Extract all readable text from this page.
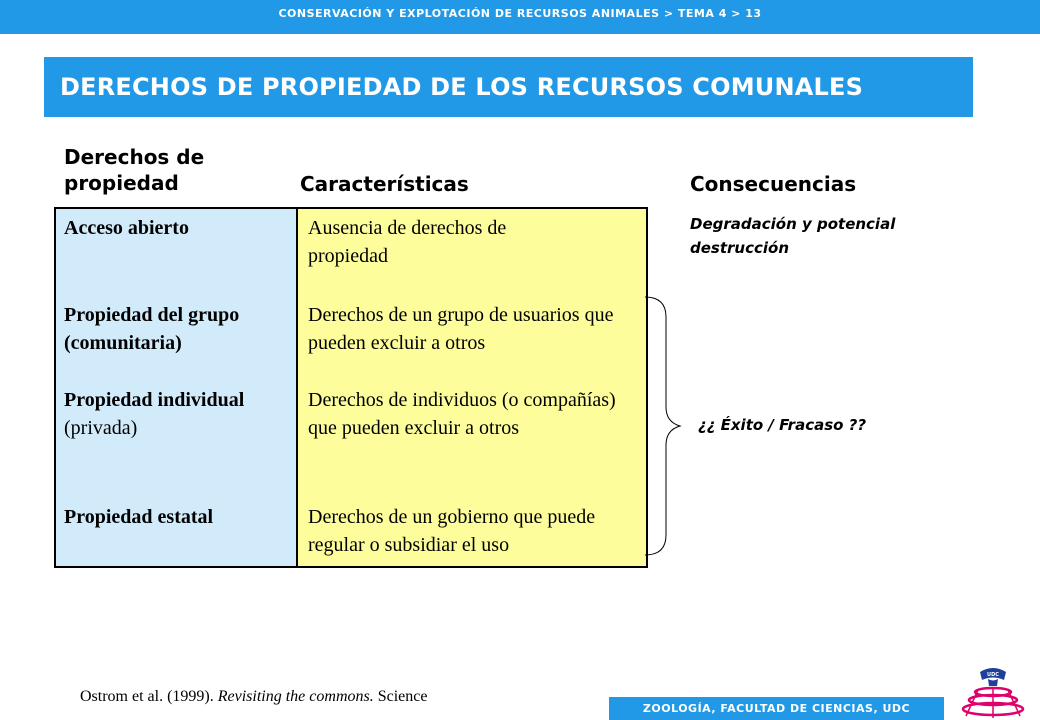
CONSERVACIÓN Y EXPLOTACIÓN DE RECURSOS ANIMALES > TEMA 4 > 13
DERECHOS DE PROPIEDAD DE LOS RECURSOS COMUNALES
Derechos de
propiedad	Características	Consecuencias
Acceso abierto
Propiedad del grupo (comunitaria)
Propiedad individual
(privada)
Propiedad estatal
Ausencia de derechos de propiedad
Derechos de un grupo de usuarios que pueden excluir a otros
Derechos de individuos (o compañías) que pueden excluir a otros
Derechos de un gobierno que puede regular o subsidiar el uso
Degradación y potencial destrucción
¿¿ Éxito / Fracaso ??
Ostrom et al. (1999). Revisiting the commons. Science
ZOOLOGÍA, FACULTAD DE CIENCIAS, UDC
UDC
